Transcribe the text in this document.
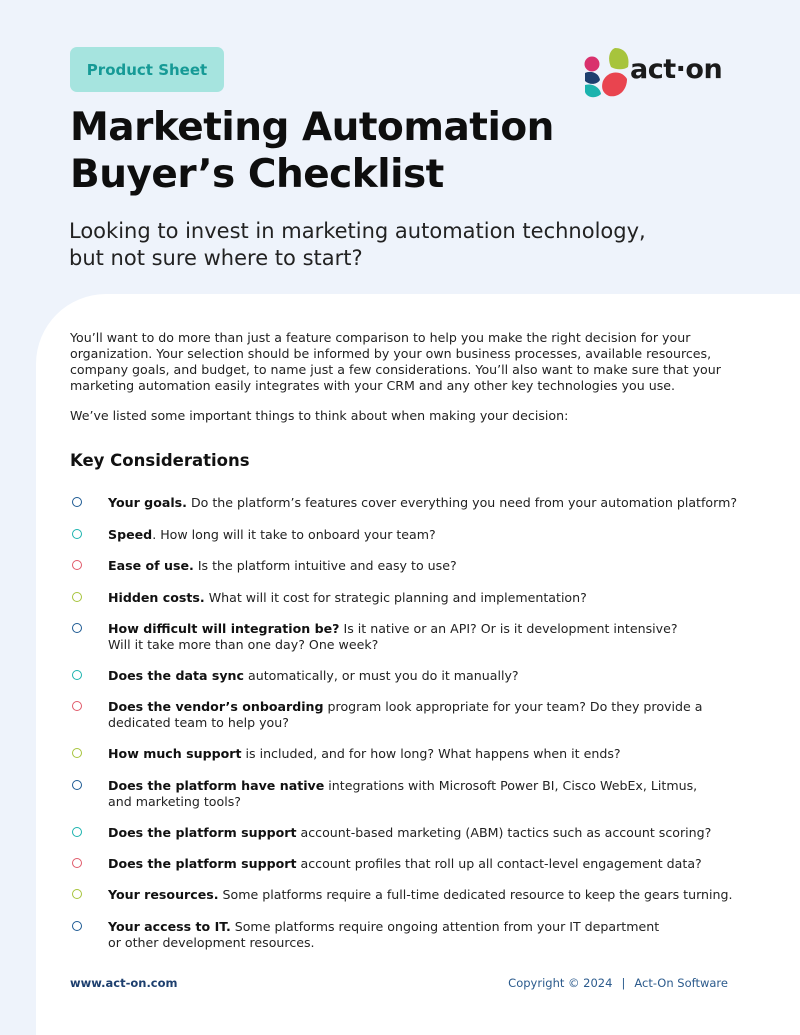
Product Sheet	act·on
Marketing Automation
Buyer’s Checklist
Looking to invest in marketing automation technology,
but not sure where to start?

You’ll want to do more than just a feature comparison to help you make the right decision for your
organization. Your selection should be informed by your own business processes, available resources,
company goals, and budget, to name just a few considerations. You’ll also want to make sure that your
marketing automation easily integrates with your CRM and any other key technologies you use.

We’ve listed some important things to think about when making your decision:
Key Considerations
Your goals. Do the platform’s features cover everything you need from your automation platform?
Speed. How long will it take to onboard your team?
Ease of use. Is the platform intuitive and easy to use?
Hidden costs. What will it cost for strategic planning and implementation?
How difficult will integration be? Is it native or an API? Or is it development intensive?
Will it take more than one day? One week?
Does the data sync automatically, or must you do it manually?
Does the vendor’s onboarding program look appropriate for your team? Do they provide a
dedicated team to help you?
How much support is included, and for how long? What happens when it ends?
Does the platform have native integrations with Microsoft Power BI, Cisco WebEx, Litmus,
and marketing tools?
Does the platform support account-based marketing (ABM) tactics such as account scoring?
Does the platform support account profiles that roll up all contact-level engagement data?
Your resources. Some platforms require a full-time dedicated resource to keep the gears turning.
Your access to IT. Some platforms require ongoing attention from your IT department
or other development resources.
www.act-on.com	Copyright © 2024 | Act-On Software
